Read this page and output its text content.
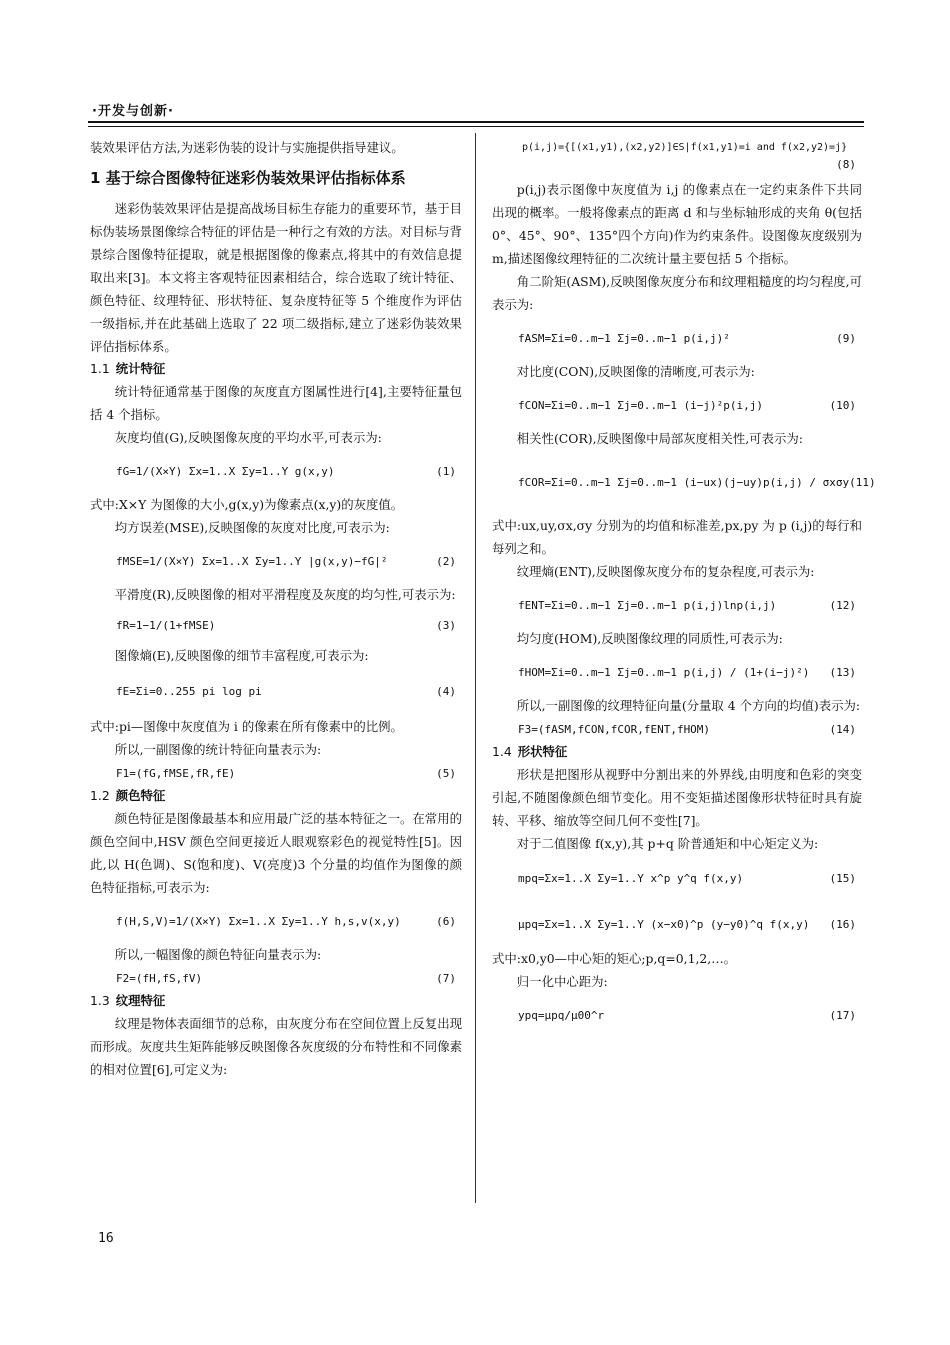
·开发与创新·

装效果评估方法,为迷彩伪装的设计与实施提供指导建议。

1 基于综合图像特征迷彩伪装效果评估指标体系

迷彩伪装效果评估是提高战场目标生存能力的重要环节，基于目标伪装场景图像综合特征的评估是一种行之有效的方法。对目标与背景综合图像特征提取，就是根据图像的像素点,将其中的有效信息提取出来[3]。本文将主客观特征因素相结合，综合选取了统计特征、颜色特征、纹理特征、形状特征、复杂度特征等 5 个维度作为评估一级指标,并在此基础上选取了 22 项二级指标,建立了迷彩伪装效果评估指标体系。

1.1 统计特征

统计特征通常基于图像的灰度直方图属性进行[4],主要特征量包括 4 个指标。

灰度均值(G),反映图像灰度的平均水平,可表示为:

fG=1/(X×Y) Σx=1..X Σy=1..Y g(x,y)	(1)

式中:X×Y 为图像的大小,g(x,y)为像素点(x,y)的灰度值。

均方误差(MSE),反映图像的灰度对比度,可表示为:

fMSE=1/(X×Y) Σx=1..X Σy=1..Y |g(x,y)−fG|²	(2)

平滑度(R),反映图像的相对平滑程度及灰度的均匀性,可表示为:

fR=1−1/(1+fMSE)	(3)

图像熵(E),反映图像的细节丰富程度,可表示为:

fE=Σi=0..255 pi log pi	(4)

式中:pi—图像中灰度值为 i 的像素在所有像素中的比例。

所以,一副图像的统计特征向量表示为:

F1=(fG,fMSE,fR,fE)	(5)
1.2 颜色特征

颜色特征是图像最基本和应用最广泛的基本特征之一。在常用的颜色空间中,HSV 颜色空间更接近人眼观察彩色的视觉特性[5]。因此,以 H(色调)、S(饱和度)、V(亮度)3 个分量的均值作为图像的颜色特征指标,可表示为:

f(H,S,V)=1/(X×Y) Σx=1..X Σy=1..Y h,s,v(x,y)	(6)

所以,一幅图像的颜色特征向量表示为:

F2=(fH,fS,fV)	(7)
1.3 纹理特征

纹理是物体表面细节的总称，由灰度分布在空间位置上反复出现而形成。灰度共生矩阵能够反映图像各灰度级的分布特性和不同像素的相对位置[6],可定义为:

p(i,j)={[(x1,y1),(x2,y2)]∈S|f(x1,y1)=i and f(x2,y2)=j}
(8)

p(i,j)表示图像中灰度值为 i,j 的像素点在一定约束条件下共同出现的概率。一般将像素点的距离 d 和与坐标轴形成的夹角 θ(包括 0°、45°、90°、135°四个方向)作为约束条件。设图像灰度级别为 m,描述图像纹理特征的二次统计量主要包括 5 个指标。

角二阶矩(ASM),反映图像灰度分布和纹理粗糙度的均匀程度,可表示为:

fASM=Σi=0..m−1 Σj=0..m−1 p(i,j)²	(9)

对比度(CON),反映图像的清晰度,可表示为:

fCON=Σi=0..m−1 Σj=0..m−1 (i−j)²p(i,j)	(10)

相关性(COR),反映图像中局部灰度相关性,可表示为:

fCOR=Σi=0..m−1 Σj=0..m−1 (i−ux)(j−uy)p(i,j) / σxσy (11)

式中:ux,uy,σx,σy 分别为的均值和标准差,px,py 为 p (i,j)的每行和每列之和。

纹理熵(ENT),反映图像灰度分布的复杂程度,可表示为:

fENT=Σi=0..m−1 Σj=0..m−1 p(i,j)lnp(i,j)	(12)

均匀度(HOM),反映图像纹理的同质性,可表示为:

fHOM=Σi=0..m−1 Σj=0..m−1 p(i,j) / (1+(i−j)²) (13)

所以,一副图像的纹理特征向量(分量取 4 个方向的均值)表示为:

F3=(fASM,fCON,fCOR,fENT,fHOM)	(14)
1.4 形状特征

形状是把图形从视野中分割出来的外界线,由明度和色彩的突变引起,不随图像颜色细节变化。用不变矩描述图像形状特征时具有旋转、平移、缩放等空间几何不变性[7]。

对于二值图像 f(x,y),其 p+q 阶普通矩和中心矩定义为:

mpq=Σx=1..X Σy=1..Y x^p y^q f(x,y)	(15)
μpq=Σx=1..X Σy=1..Y (x−x0)^p (y−y0)^q f(x,y) (16)

式中:x0,y0—中心矩的矩心;p,q=0,1,2,…。

归一化中心距为:

ypq=μpq/μ00^r	(17)
16
